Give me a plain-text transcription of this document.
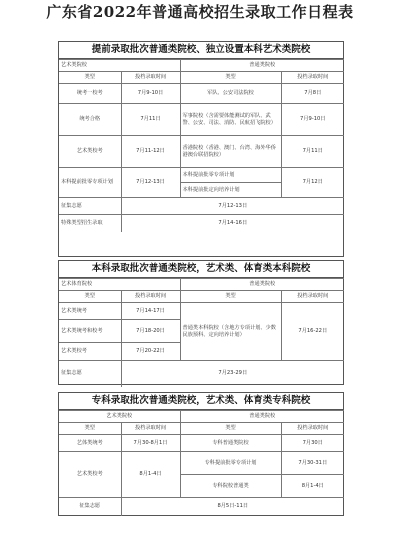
广东省2022年普通高校招生录取工作日程表
提前录取批次普通类院校、独立设置本科艺术类院校
艺术类院校		普通类院校	
类型	投档录取时间	类型	投档录取时间
统考一校考	7月9-10日	军队、公安司法院校	7月8日
统考合格	7月11日	军事院校（含需要体能测试的军队、武警、公安、司法、消防、民航招飞院校）	7月9-10日
艺术类校考	7月11-12日	香港院校（香港、澳门、台湾、海外华侨港澳台联招院校）	7月11日
本科提前批零专项计划	7月12-13日	本科提前批零专项计划	7月12日
		本科提前批定向培养计划	
征集志愿	7月12-13日		
特殊类型招生录取	7月14-16日		
本科录取批次普通类院校，艺术类、体育类本科院校
艺术体育院校		普通类院校	
类型	投档录取时间	类型	投档录取时间
艺术类统考	7月14-17日	普通类本科院校（含地方专项计划、少数民族预科、定向培养计划）	7月16-22日
艺术类统考和校考	7月18-20日		
艺术类校考	7月20-22日		
征集志愿	7月23-29日		
专科录取批次普通类院校，艺术类、体育类专科院校
艺术类院校		普通类院校	
类型	投档录取时间	类型	投档录取时间
艺体类统考	7月30-8月1日	专科普通类院校	7月30日
艺术类校考	8月1-4日	专科提前批零专项计划	7月30-31日
		专科院校普通类	8月1-4日
征集志愿	8月5日-11日		
